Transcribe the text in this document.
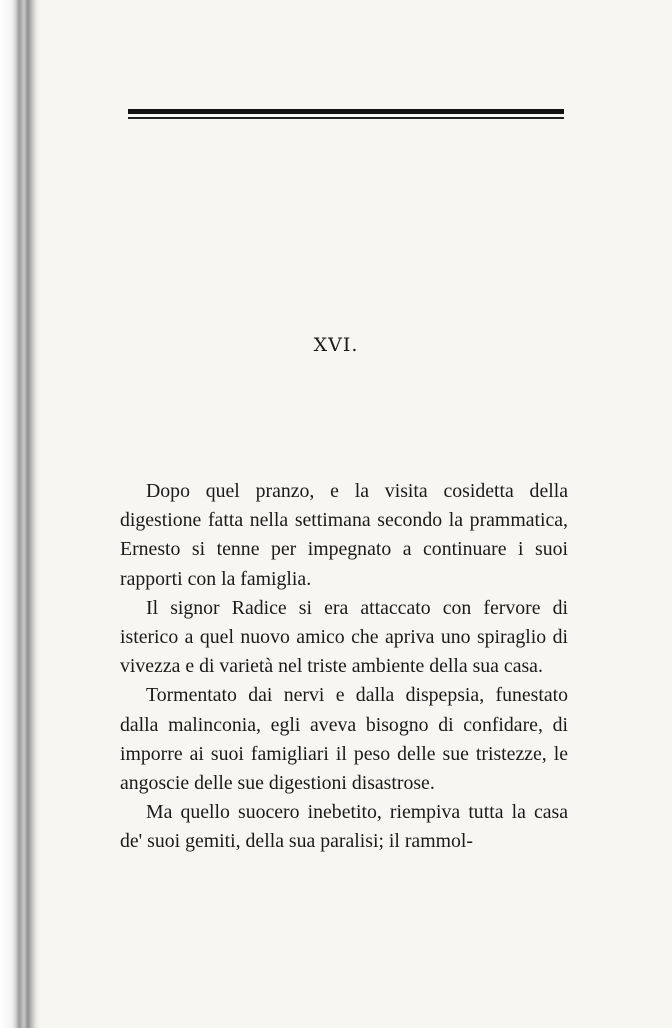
XVI.

Dopo quel pranzo, e la visita cosidetta della digestione fatta nella settimana secondo la prammatica, Ernesto si tenne per impegnato a continuare i suoi rapporti con la famiglia.

Il signor Radice si era attaccato con fervore di isterico a quel nuovo amico che apriva uno spiraglio di vivezza e di varietà nel triste ambiente della sua casa.

Tormentato dai nervi e dalla dispepsia, funestato dalla malinconia, egli aveva bisogno di confidare, di imporre ai suoi famigliari il peso delle sue tristezze, le angoscie delle sue digestioni disastrose.

Ma quello suocero inebetito, riempiva tutta la casa de' suoi gemiti, della sua paralisi; il rammol-
